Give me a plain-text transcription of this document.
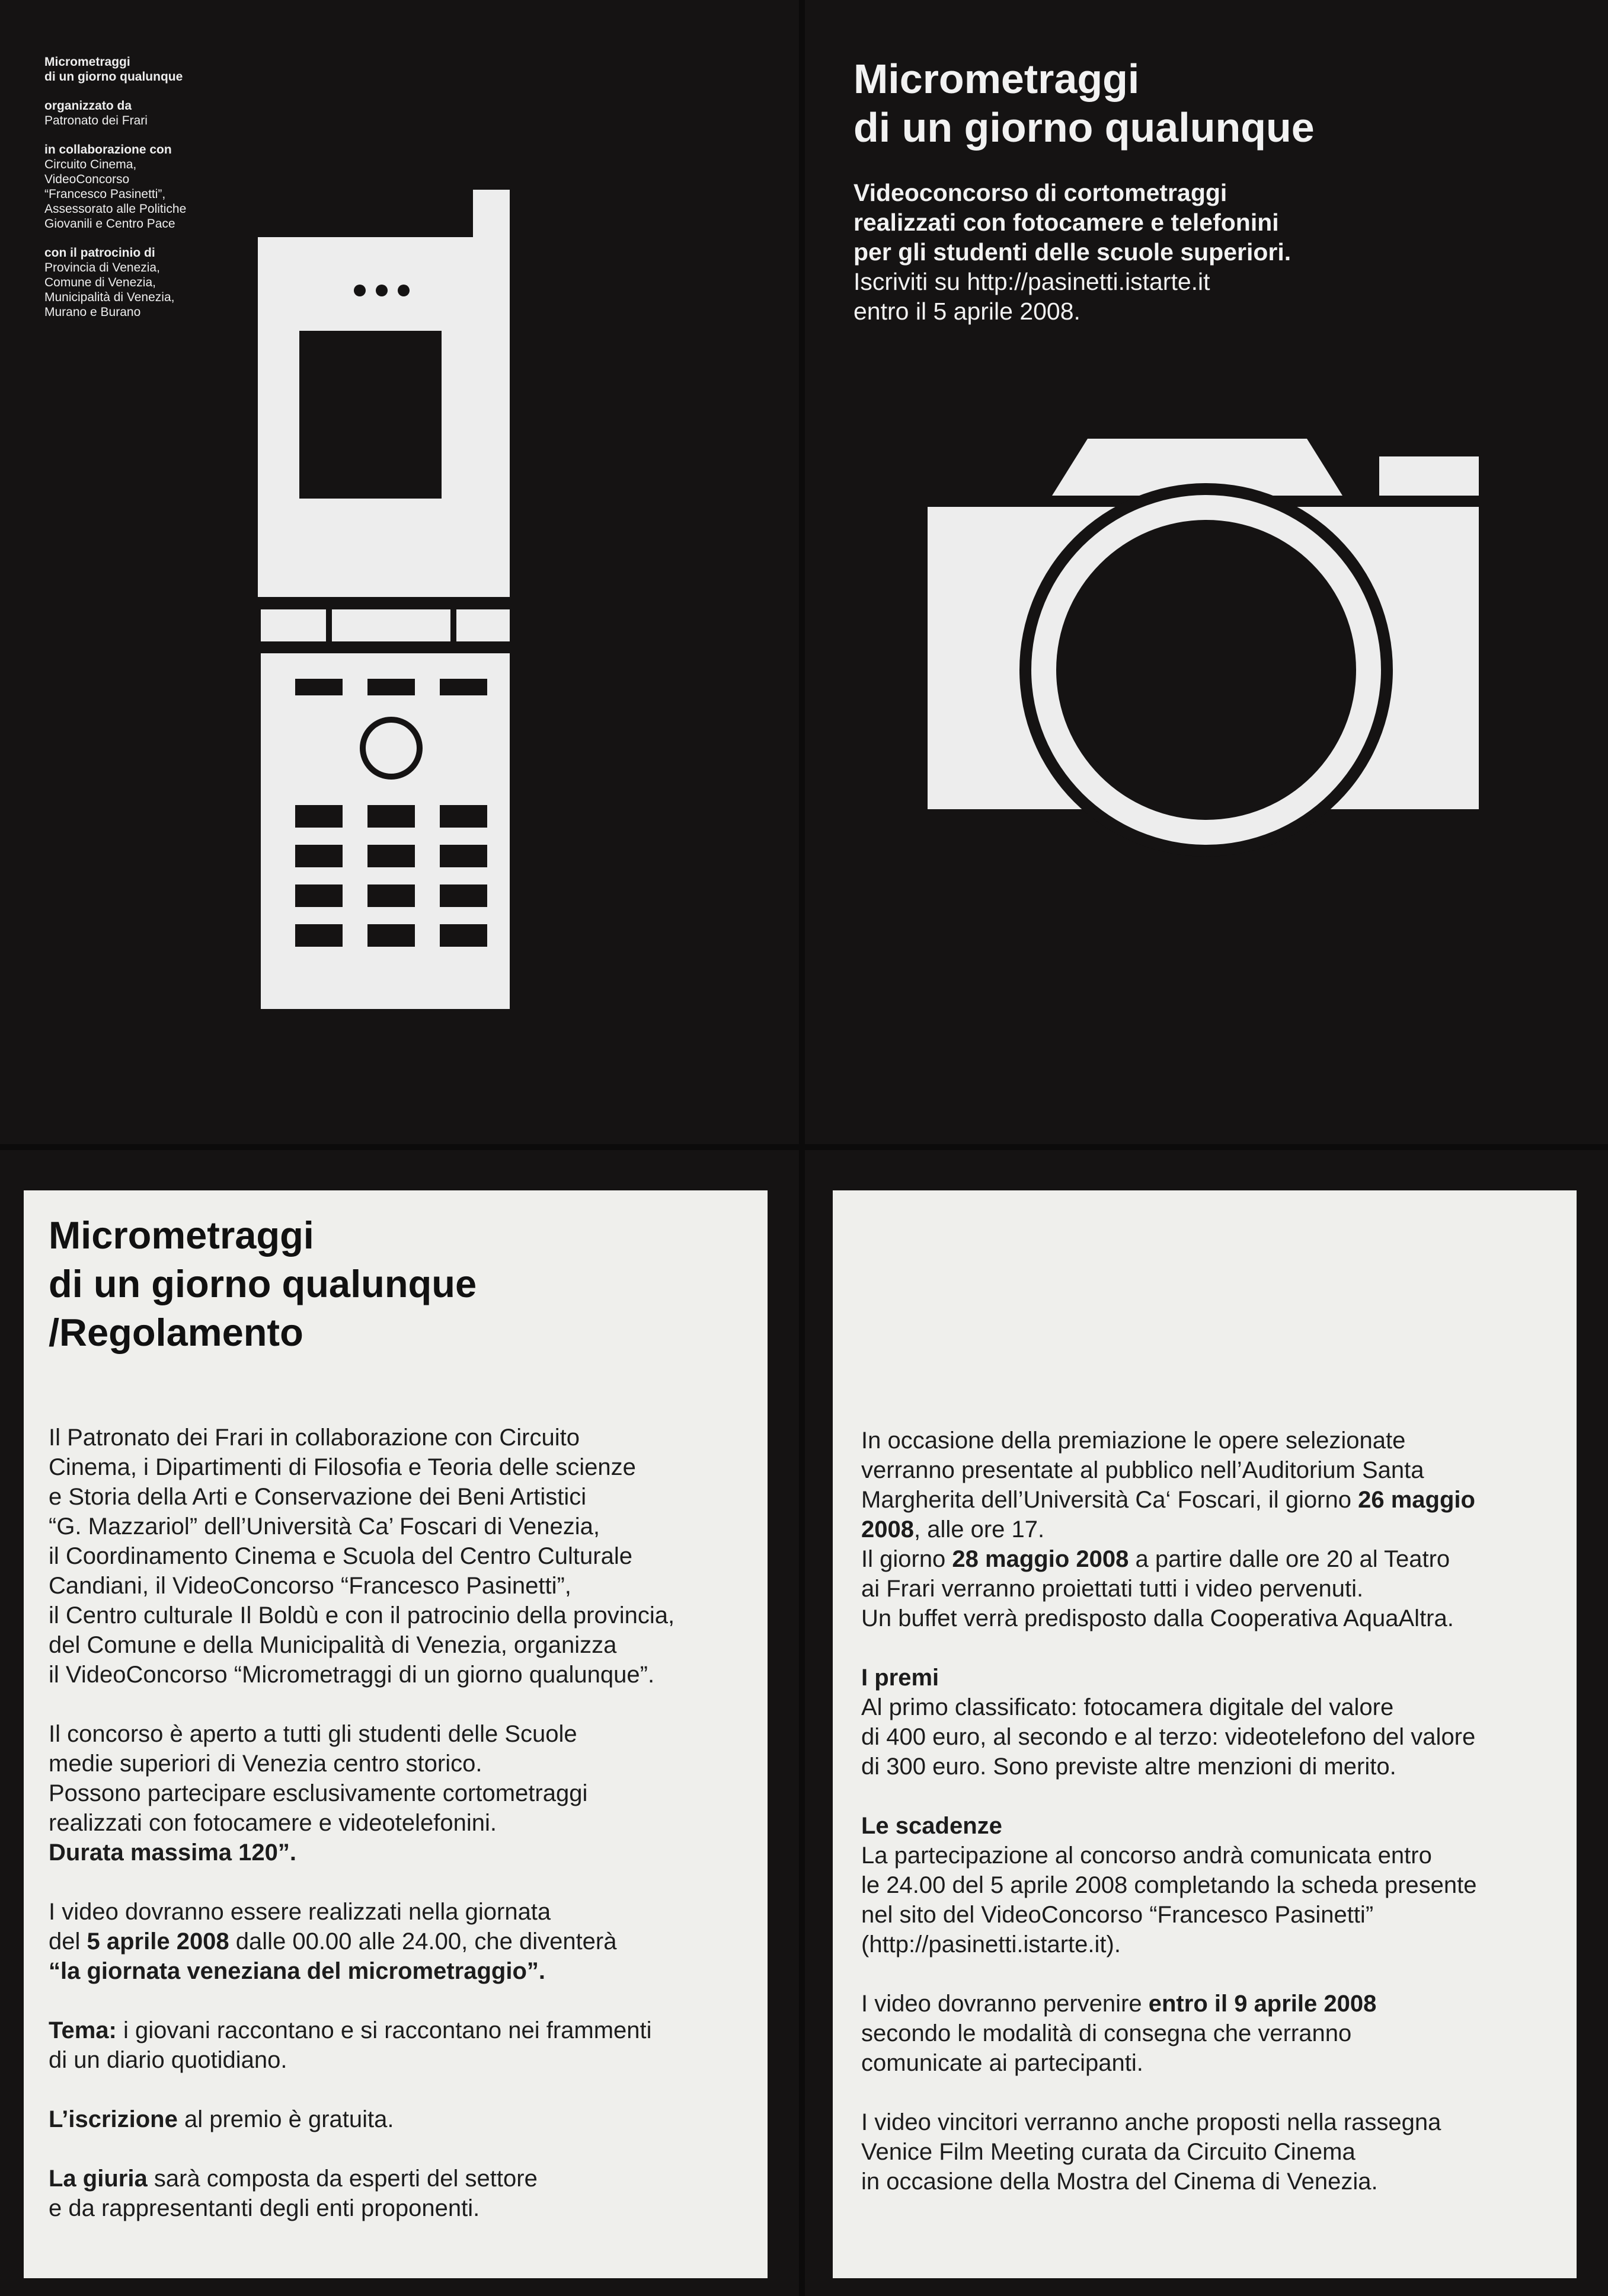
Micrometraggi
di un giorno qualunque
organizzato da
Patronato dei Frari
in collaborazione con
Circuito Cinema,
VideoConcorso
“Francesco Pasinetti”,
Assessorato alle Politiche
Giovanili e Centro Pace
con il patrocinio di
Provincia di Venezia,
Comune di Venezia,
Municipalità di Venezia,
Murano e Burano
Micrometraggi
di un giorno qualunque
Videoconcorso di cortometraggi
realizzati con fotocamere e telefonini
per gli studenti delle scuole superiori.
Iscriviti su http://pasinetti.istarte.it
entro il 5 aprile 2008.
Micrometraggi
di un giorno qualunque
/Regolamento

Il Patronato dei Frari in collaborazione con Circuito
Cinema, i Dipartimenti di Filosofia e Teoria delle scienze
e Storia della Arti e Conservazione dei Beni Artistici
“G. Mazzariol” dell’Università Ca’ Foscari di Venezia,
il Coordinamento Cinema e Scuola del Centro Culturale
Candiani, il VideoConcorso “Francesco Pasinetti”,
il Centro culturale Il Boldù e con il patrocinio della provincia,
del Comune e della Municipalità di Venezia, organizza
il VideoConcorso “Micrometraggi di un giorno qualunque”.

Il concorso è aperto a tutti gli studenti delle Scuole
medie superiori di Venezia centro storico.
Possono partecipare esclusivamente cortometraggi
realizzati con fotocamere e videotelefonini.
Durata massima 120”.

I video dovranno essere realizzati nella giornata
del 5 aprile 2008 dalle 00.00 alle 24.00, che diventerà
“la giornata veneziana del micrometraggio”.

Tema: i giovani raccontano e si raccontano nei frammenti
di un diario quotidiano.

L’iscrizione al premio è gratuita.

La giuria sarà composta da esperti del settore
e da rappresentanti degli enti proponenti.

In occasione della premiazione le opere selezionate
verranno presentate al pubblico nell’Auditorium Santa
Margherita dell’Università Ca‘ Foscari, il giorno 26 maggio
2008, alle ore 17.
Il giorno 28 maggio 2008 a partire dalle ore 20 al Teatro
ai Frari verranno proiettati tutti i video pervenuti.
Un buffet verrà predisposto dalla Cooperativa AquaAltra.

I premi
Al primo classificato: fotocamera digitale del valore
di 400 euro, al secondo e al terzo: videotelefono del valore
di 300 euro. Sono previste altre menzioni di merito.

Le scadenze
La partecipazione al concorso andrà comunicata entro
le 24.00 del 5 aprile 2008 completando la scheda presente
nel sito del VideoConcorso “Francesco Pasinetti”
(http://pasinetti.istarte.it).

I video dovranno pervenire entro il 9 aprile 2008
secondo le modalità di consegna che verranno
comunicate ai partecipanti.

I video vincitori verranno anche proposti nella rassegna
Venice Film Meeting curata da Circuito Cinema
in occasione della Mostra del Cinema di Venezia.
